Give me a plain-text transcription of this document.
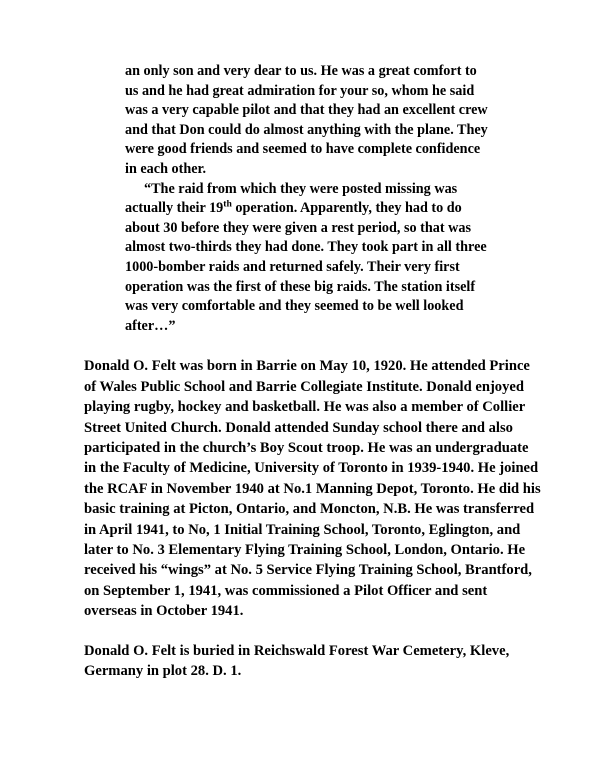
an only son and very dear to us. He was a great comfort to us and he had great admiration for your so, whom he said was a very capable pilot and that they had an excellent crew and that Don could do almost anything with the plane. They were good friends and seemed to have complete confidence in each other.

“The raid from which they were posted missing was actually their 19th operation. Apparently, they had to do about 30 before they were given a rest period, so that was almost two-thirds they had done. They took part in all three 1000-bomber raids and returned safely. Their very first operation was the first of these big raids. The station itself was very comfortable and they seemed to be well looked after…”

Donald O. Felt was born in Barrie on May 10, 1920. He attended Prince of Wales Public School and Barrie Collegiate Institute. Donald enjoyed playing rugby, hockey and basketball. He was also a member of Collier Street United Church. Donald attended Sunday school there and also participated in the church’s Boy Scout troop. He was an undergraduate in the Faculty of Medicine, University of Toronto in 1939-1940. He joined the RCAF in November 1940 at No.1 Manning Depot, Toronto. He did his basic training at Picton, Ontario, and Moncton, N.B. He was transferred in April 1941, to No, 1 Initial Training School, Toronto, Eglington, and later to No. 3 Elementary Flying Training School, London, Ontario. He received his “wings” at No. 5 Service Flying Training School, Brantford, on September 1, 1941, was commissioned a Pilot Officer and sent overseas in October 1941.

Donald O. Felt is buried in Reichswald Forest War Cemetery, Kleve, Germany in plot 28. D. 1.
